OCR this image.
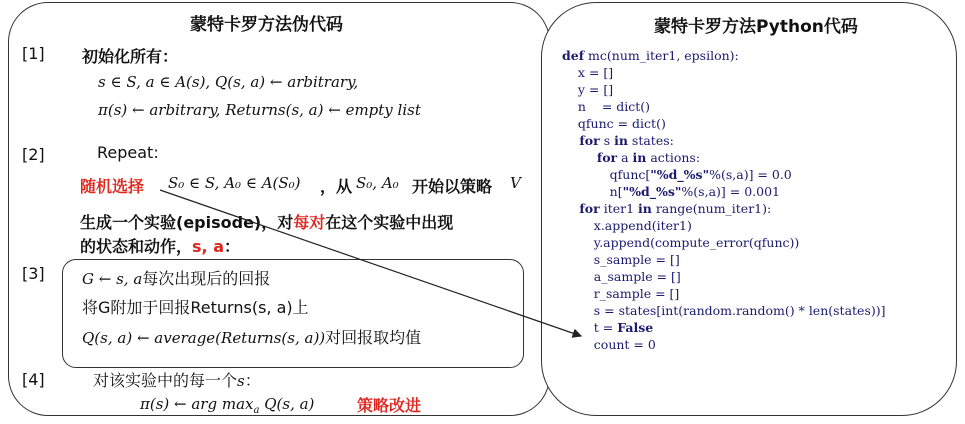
蒙特卡罗方法伪代码
[1] 初始化所有：
s ∈ S, a ∈ A(s), Q(s, a) ← arbitrary,
π(s) ← arbitrary, Returns(s, a) ← empty list
[2]	Repeat:
随机选择 S₀ ∈ S, A₀ ∈ A(S₀) ，从 S₀, A₀ 开始以策略 V
生成一个实验(episode)，对每对在这个实验中出现
的状态和动作，s, a：
[3] G ← s, a每次出现后的回报
将G附加于回报Returns(s, a)上
Q(s, a) ← average(Returns(s, a))对回报取均值
[4]	对该实验中的每一个s：
π(s) ← arg $\max_a Q(s$, a)	策略改进
蒙特卡罗方法Python代码
def mc(num_iter1, epsilon):
x = []
y = []
n    = dict()
qfunc = dict()
for s in states:
for a in actions:
qfunc["%d_%s"%(s,a)] = 0.0
n["%d_%s"%(s,a)] = 0.001
for iter1 in range(num_iter1):
x.append(iter1)
y.append(compute_error(qfunc))
s_sample = []
a_sample = []
r_sample = []
s = states[int(random.random() * len(states))]
t = False
count = 0
